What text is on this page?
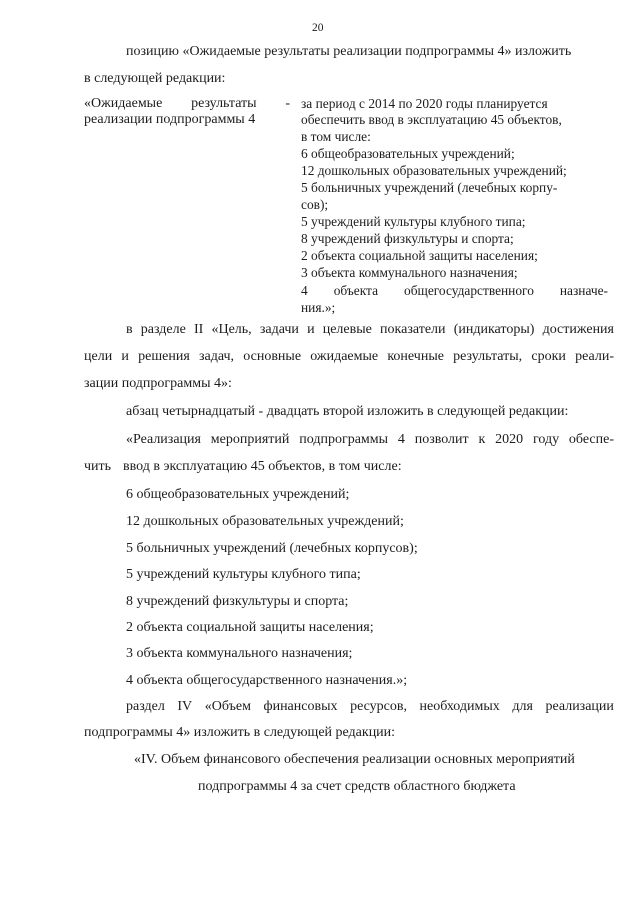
20
позицию «Ожидаемые результаты реализации подпрограммы 4» изложить
в следующей редакции:
«Ожидаемые результаты -
реализации подпрограммы 4
за период с 2014 по 2020 годы планируется
обеспечить ввод в эксплуатацию 45 объектов,
в том числе:
6 общеобразовательных учреждений;
12 дошкольных образовательных учреждений;
5 больничных учреждений (лечебных корпу-
сов);
5 учреждений культуры клубного типа;
8 учреждений физкультуры и спорта;
2 объекта социальной защиты населения;
3 объекта коммунального назначения;
4 объекта общегосударственного назначе-
ния.»;
в разделе II «Цель, задачи и целевые показатели (индикаторы) достижения
цели и решения задач, основные ожидаемые конечные результаты, сроки реали-
зации подпрограммы 4»:
абзац четырнадцатый - двадцать второй изложить в следующей редакции:
«Реализация мероприятий подпрограммы 4 позволит к 2020 году обеспе-
чить ввод в эксплуатацию 45 объектов, в том числе:
6 общеобразовательных учреждений;
12 дошкольных образовательных учреждений;
5 больничных учреждений (лечебных корпусов);
5 учреждений культуры клубного типа;
8 учреждений физкультуры и спорта;
2 объекта социальной защиты населения;
3 объекта коммунального назначения;
4 объекта общегосударственного назначения.»;
раздел IV «Объем финансовых ресурсов, необходимых для реализации
подпрограммы 4» изложить в следующей редакции:
«IV. Объем финансового обеспечения реализации основных мероприятий
подпрограммы 4 за счет средств областного бюджета
